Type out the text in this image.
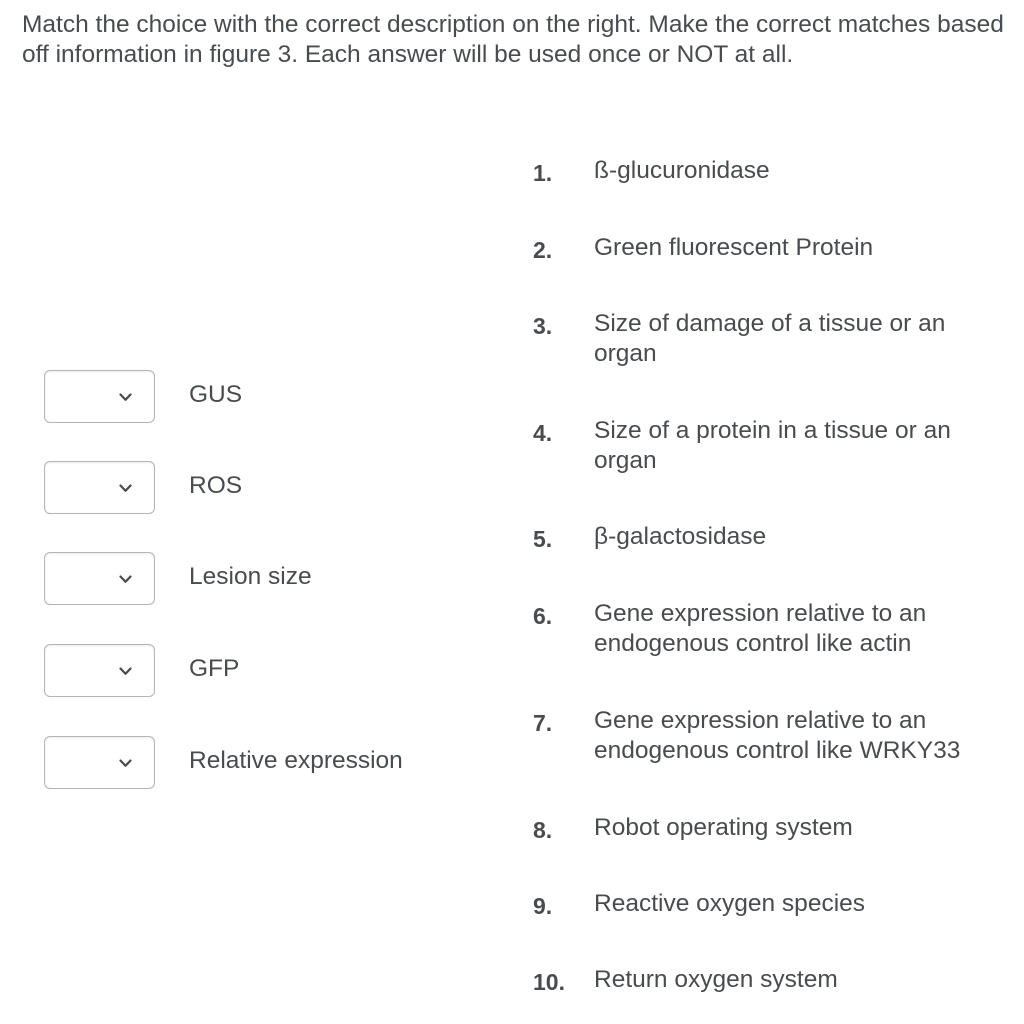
Match the choice with the correct description on the right. Make the correct matches based off information in figure 3. Each answer will be used once or NOT at all.

GUS
ROS
Lesion size
GFP
Relative expression
1. ß-glucuronidase
2. Green fluorescent Protein
3. Size of damage of a tissue or an organ
4. Size of a protein in a tissue or an organ
5. β-galactosidase
6. Gene expression relative to an endogenous control like actin
7. Gene expression relative to an endogenous control like WRKY33
8. Robot operating system
9. Reactive oxygen species
10. Return oxygen system
